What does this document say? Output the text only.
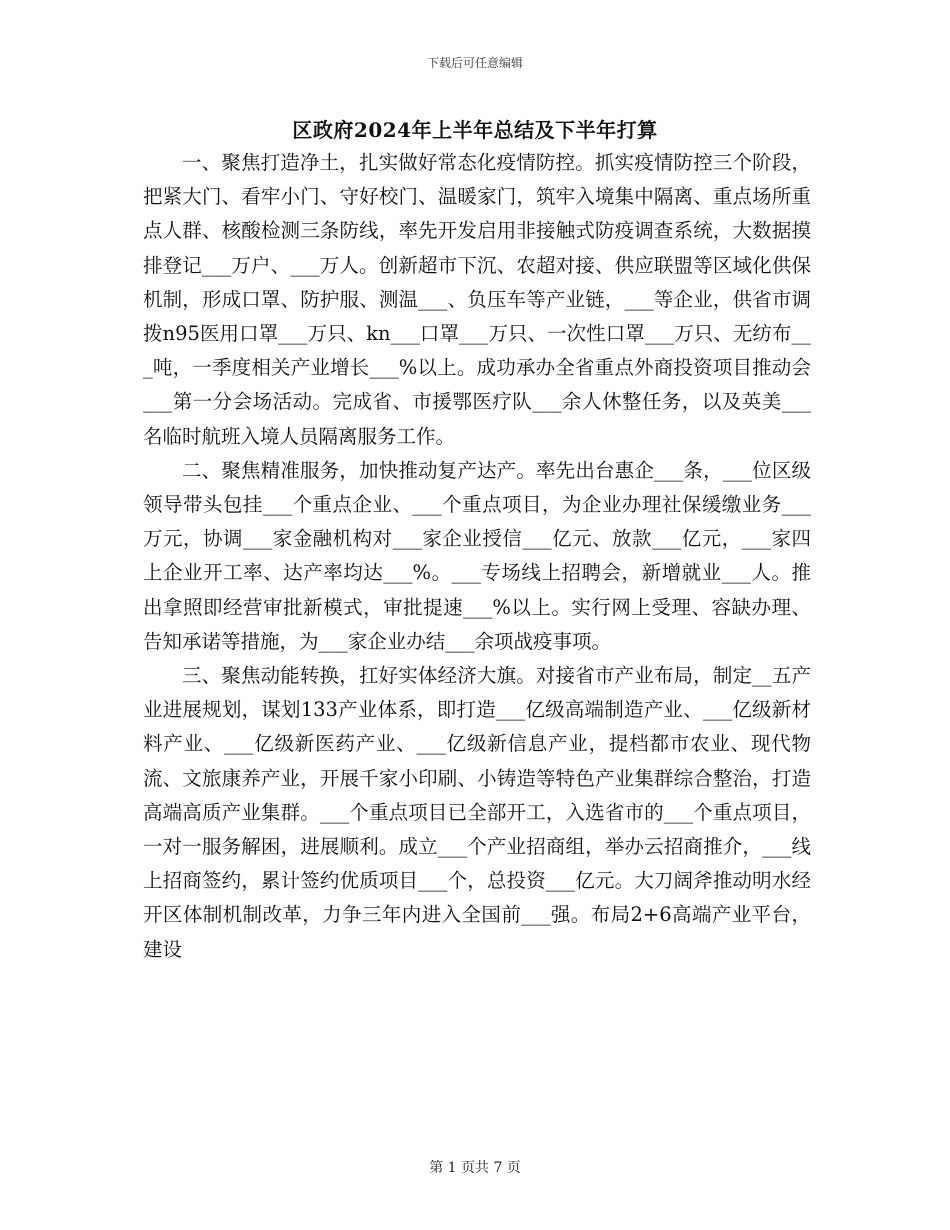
下载后可任意编辑
区政府2024年上半年总结及下半年打算

一、聚焦打造净土，扎实做好常态化疫情防控。抓实疫情防控三个阶段，把紧大门、看牢小门、守好校门、温暖家门，筑牢入境集中隔离、重点场所重点人群、核酸检测三条防线，率先开发启用非接触式防疫调查系统，大数据摸排登记___万户、___万人。创新超市下沉、农超对接、供应联盟等区域化供保机制，形成口罩、防护服、测温___、负压车等产业链，___等企业，供省市调拨n95医用口罩___万只、kn___口罩___万只、一次性口罩___万只、无纺布___吨，一季度相关产业增长___%以上。成功承办全省重点外商投资项目推动会___第一分会场活动。完成省、市援鄂医疗队___余人休整任务，以及英美___名临时航班入境人员隔离服务工作。

二、聚焦精准服务，加快推动复产达产。率先出台惠企___条，___位区级领导带头包挂___个重点企业、___个重点项目，为企业办理社保缓缴业务___万元，协调___家金融机构对___家企业授信___亿元、放款___亿元，___家四上企业开工率、达产率均达___%。___专场线上招聘会，新增就业___人。推出拿照即经营审批新模式，审批提速___%以上。实行网上受理、容缺办理、告知承诺等措施，为___家企业办结___余项战疫事项。

三、聚焦动能转换，扛好实体经济大旗。对接省市产业布局，制定__五产业进展规划，谋划133产业体系，即打造___亿级高端制造产业、___亿级新材料产业、___亿级新医药产业、___亿级新信息产业，提档都市农业、现代物流、文旅康养产业，开展千家小印刷、小铸造等特色产业集群综合整治，打造高端高质产业集群。___个重点项目已全部开工，入选省市的___个重点项目，一对一服务解困，进展顺利。成立___个产业招商组，举办云招商推介，___线上招商签约，累计签约优质项目___个，总投资___亿元。大刀阔斧推动明水经开区体制机制改革，力争三年内进入全国前___强。布局2+6高端产业平台，建设

第 1 页共 7 页
